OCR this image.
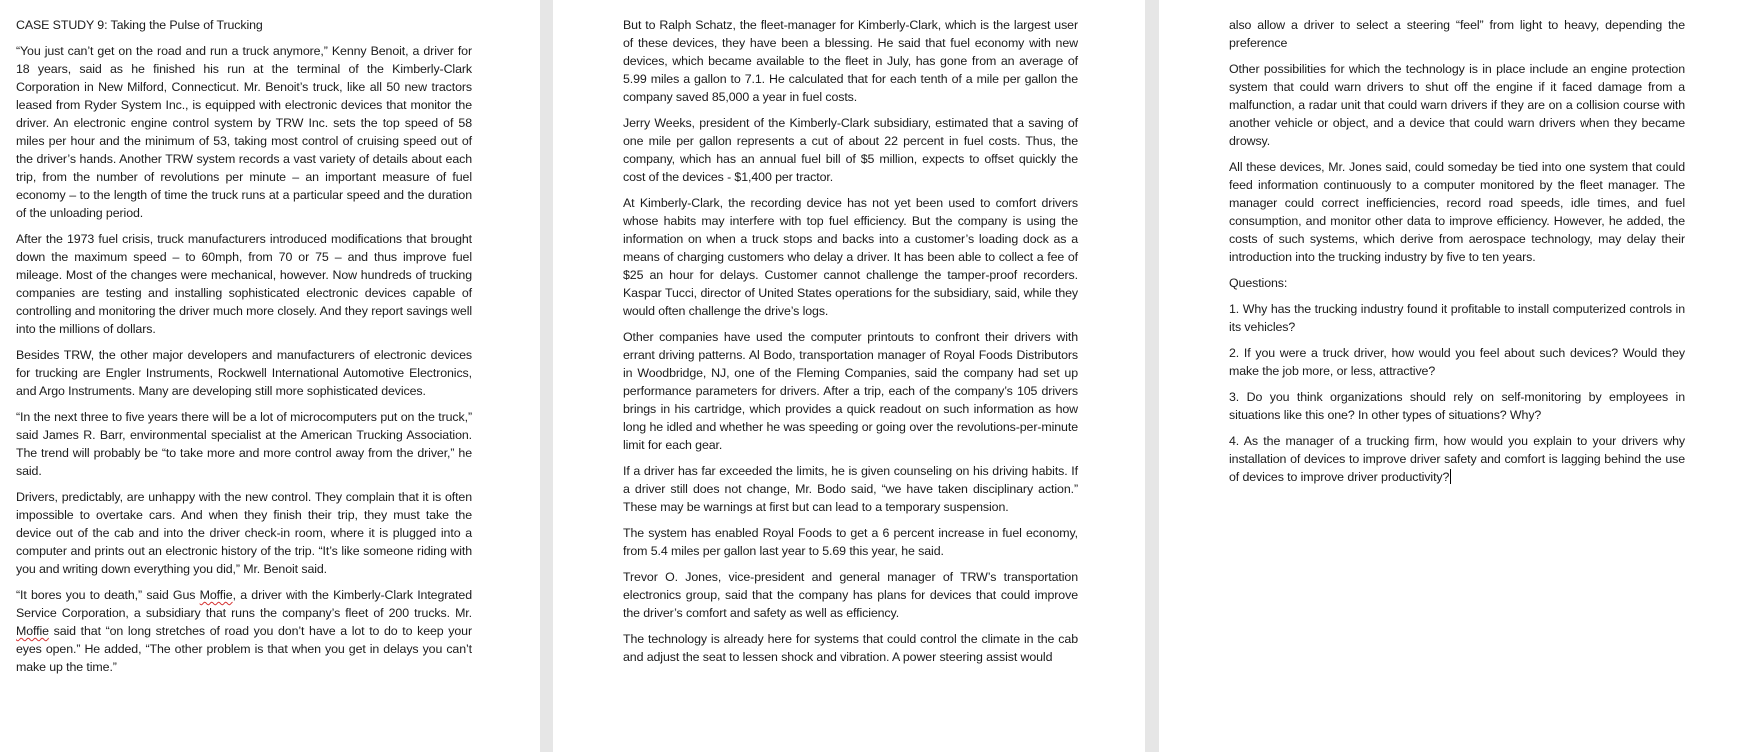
CASE STUDY 9: Taking the Pulse of Trucking

“You just can’t get on the road and run a truck anymore,” Kenny Benoit, a driver for 18 years, said as he finished his run at the terminal of the Kimberly-Clark Corporation in New Milford, Connecticut. Mr. Benoit’s truck, like all 50 new tractors leased from Ryder System Inc., is equipped with electronic devices that monitor the driver. An electronic engine control system by TRW Inc. sets the top speed of 58 miles per hour and the minimum of 53, taking most control of cruising speed out of the driver’s hands. Another TRW system records a vast variety of details about each trip, from the number of revolutions per minute – an important measure of fuel economy – to the length of time the truck runs at a particular speed and the duration of the unloading period.

After the 1973 fuel crisis, truck manufacturers introduced modifications that brought down the maximum speed – to 60mph, from 70 or 75 – and thus improve fuel mileage. Most of the changes were mechanical, however. Now hundreds of trucking companies are testing and installing sophisticated electronic devices capable of controlling and monitoring the driver much more closely. And they report savings well into the millions of dollars.

Besides TRW, the other major developers and manufacturers of electronic devices for trucking are Engler Instruments, Rockwell International Automotive Electronics, and Argo Instruments. Many are developing still more sophisticated devices.

“In the next three to five years there will be a lot of microcomputers put on the truck,” said James R. Barr, environmental specialist at the American Trucking Association. The trend will probably be “to take more and more control away from the driver,” he said.

Drivers, predictably, are unhappy with the new control. They complain that it is often impossible to overtake cars. And when they finish their trip, they must take the device out of the cab and into the driver check-in room, where it is plugged into a computer and prints out an electronic history of the trip. “It’s like someone riding with you and writing down everything you did,” Mr. Benoit said.

“It bores you to death,” said Gus Moffie, a driver with the Kimberly-Clark Integrated Service Corporation, a subsidiary that runs the company’s fleet of 200 trucks. Mr. Moffie said that “on long stretches of road you don’t have a lot to do to keep your eyes open.” He added, “The other problem is that when you get in delays you can’t make up the time.”

But to Ralph Schatz, the fleet-manager for Kimberly-Clark, which is the largest user of these devices, they have been a blessing. He said that fuel economy with new devices, which became available to the fleet in July, has gone from an average of 5.99 miles a gallon to 7.1. He calculated that for each tenth of a mile per gallon the company saved 85,000 a year in fuel costs.

Jerry Weeks, president of the Kimberly-Clark subsidiary, estimated that a saving of one mile per gallon represents a cut of about 22 percent in fuel costs. Thus, the company, which has an annual fuel bill of $5 million, expects to offset quickly the cost of the devices - $1,400 per tractor.

At Kimberly-Clark, the recording device has not yet been used to comfort drivers whose habits may interfere with top fuel efficiency. But the company is using the information on when a truck stops and backs into a customer’s loading dock as a means of charging customers who delay a driver. It has been able to collect a fee of $25 an hour for delays. Customer cannot challenge the tamper-proof recorders. Kaspar Tucci, director of United States operations for the subsidiary, said, while they would often challenge the drive’s logs.

Other companies have used the computer printouts to confront their drivers with errant driving patterns. Al Bodo, transportation manager of Royal Foods Distributors in Woodbridge, NJ, one of the Fleming Companies, said the company had set up performance parameters for drivers. After a trip, each of the company’s 105 drivers brings in his cartridge, which provides a quick readout on such information as how long he idled and whether he was speeding or going over the revolutions-per-minute limit for each gear.

If a driver has far exceeded the limits, he is given counseling on his driving habits. If a driver still does not change, Mr. Bodo said, “we have taken disciplinary action.” These may be warnings at first but can lead to a temporary suspension.

The system has enabled Royal Foods to get a 6 percent increase in fuel economy, from 5.4 miles per gallon last year to 5.69 this year, he said.

Trevor O. Jones, vice-president and general manager of TRW’s transportation electronics group, said that the company has plans for devices that could improve the driver’s comfort and safety as well as efficiency.

The technology is already here for systems that could control the climate in the cab and adjust the seat to lessen shock and vibration. A power steering assist would

also allow a driver to select a steering “feel” from light to heavy, depending the preference

Other possibilities for which the technology is in place include an engine protection system that could warn drivers to shut off the engine if it faced damage from a malfunction, a radar unit that could warn drivers if they are on a collision course with another vehicle or object, and a device that could warn drivers when they became drowsy.

All these devices, Mr. Jones said, could someday be tied into one system that could feed information continuously to a computer monitored by the fleet manager. The manager could correct inefficiencies, record road speeds, idle times, and fuel consumption, and monitor other data to improve efficiency. However, he added, the costs of such systems, which derive from aerospace technology, may delay their introduction into the trucking industry by five to ten years.

Questions:

1. Why has the trucking industry found it profitable to install computerized controls in its vehicles?

2. If you were a truck driver, how would you feel about such devices? Would they make the job more, or less, attractive?

3. Do you think organizations should rely on self-monitoring by employees in situations like this one? In other types of situations? Why?

4. As the manager of a trucking firm, how would you explain to your drivers why installation of devices to improve driver safety and comfort is lagging behind the use of devices to improve driver productivity?
